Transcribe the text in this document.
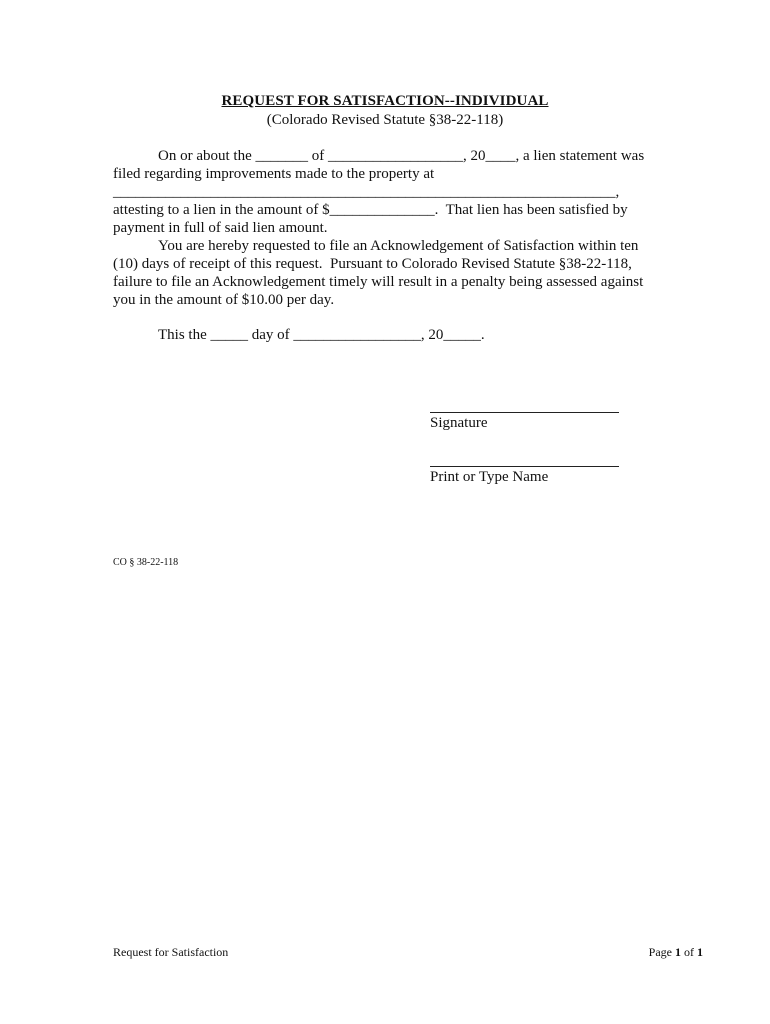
REQUEST FOR SATISFACTION--INDIVIDUAL
(Colorado Revised Statute §38-22-118)
On or about the _______ of __________________, 20____, a lien statement was
filed regarding improvements made to the property at
___________________________________________________________________,
attesting to a lien in the amount of $______________.  That lien has been satisfied by
payment in full of said lien amount.
You are hereby requested to file an Acknowledgement of Satisfaction within ten
(10) days of receipt of this request.  Pursuant to Colorado Revised Statute §38-22-118,
failure to file an Acknowledgement timely will result in a penalty being assessed against
you in the amount of $10.00 per day.
This the _____ day of _________________, 20_____.
Signature
Print or Type Name
CO § 38-22-118
Request for Satisfaction	Page 1 of 1
